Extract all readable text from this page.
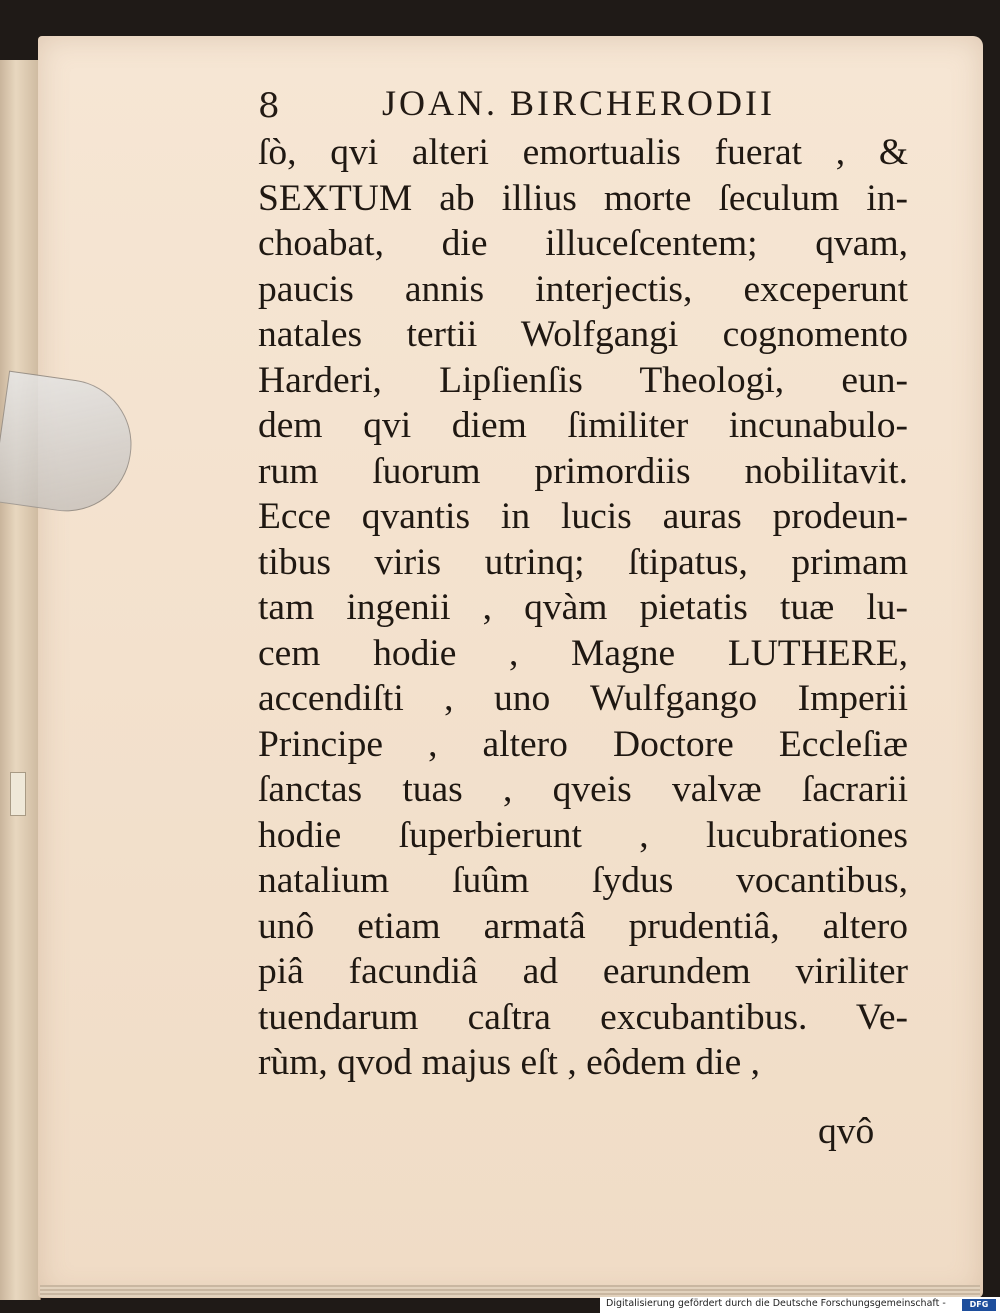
8	JOAN. BIRCHERODII
ſò, qvi alteri emortualis fuerat , &
SEXTUM ab illius morte ſeculum in-
choabat, die illuceſcentem; qvam,
paucis annis interjectis, exceperunt
natales tertii Wolfgangi cognomento
Harderi, Lipſienſis Theologi, eun-
dem qvi diem ſimiliter incunabulo-
rum ſuorum primordiis nobilitavit.
Ecce qvantis in lucis auras prodeun-
tibus viris utrinq; ſtipatus, primam
tam ingenii , qvàm pietatis tuæ lu-
cem hodie , Magne LUTHERE,
accendiſti , uno Wulfgango Imperii
Principe , altero Doctore Eccleſiæ
ſanctas tuas , qveis valvæ ſacrarii
hodie ſuperbierunt , lucubrationes
natalium ſuûm ſydus vocantibus,
unô etiam armatâ prudentiâ, altero
piâ facundiâ ad earundem viriliter
tuendarum caſtra excubantibus. Ve-
rùm, qvod majus eſt , eôdem die ,
qvô
Digitalisierung gefördert durch die Deutsche Forschungsgemeinschaft -	DFG
